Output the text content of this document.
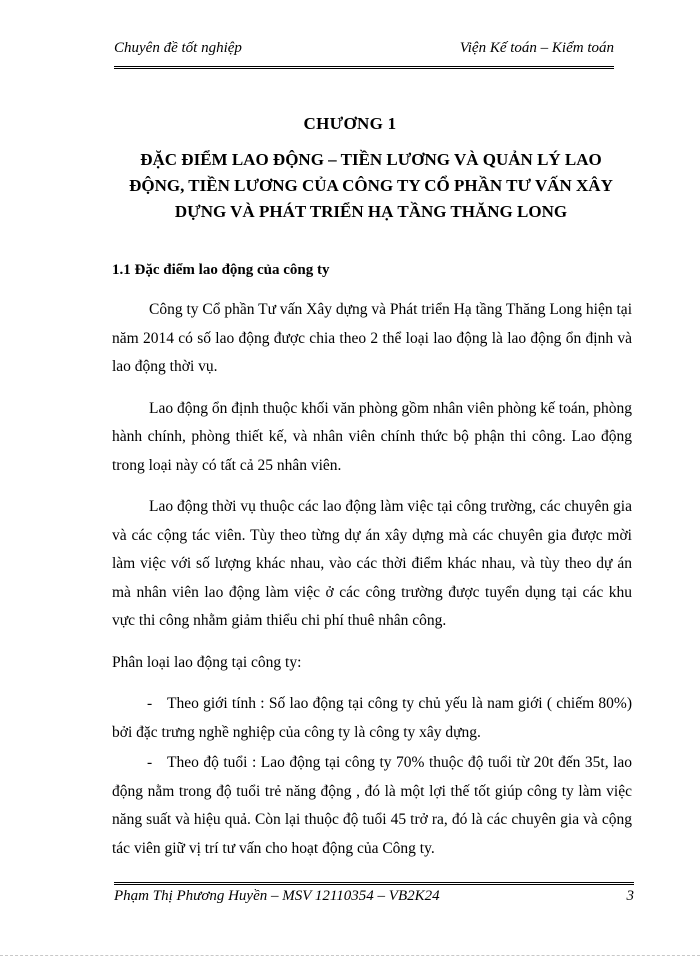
Chuyên đề tốt nghiệp	Viện Kế toán – Kiểm toán
CHƯƠNG 1
ĐẶC ĐIỂM LAO ĐỘNG – TIỀN LƯƠNG VÀ QUẢN LÝ LAO ĐỘNG, TIỀN LƯƠNG CỦA CÔNG TY CỔ PHẦN TƯ VẤN XÂY DỰNG VÀ PHÁT TRIỂN HẠ TẦNG THĂNG LONG
1.1 Đặc điểm lao động của công ty

Công ty Cổ phần Tư vấn Xây dựng và Phát triển Hạ tầng Thăng Long hiện tại năm 2014 có số lao động được chia theo 2 thể loại lao động là lao động ổn định và lao động thời vụ.

Lao động ổn định thuộc khối văn phòng gồm nhân viên phòng kế toán, phòng hành chính, phòng thiết kế, và nhân viên chính thức bộ phận thi công. Lao động trong loại này có tất cả 25 nhân viên.

Lao động thời vụ thuộc các lao động làm việc tại công trường, các chuyên gia và các cộng tác viên. Tùy theo từng dự án xây dựng mà các chuyên gia được mời làm việc với số lượng khác nhau, vào các thời điểm khác nhau, và tùy theo dự án mà nhân viên lao động làm việc ở các công trường được tuyển dụng tại các khu vực thi công nhằm giảm thiểu chi phí thuê nhân công.

Phân loại lao động tại công ty:

- Theo giới tính : Số lao động tại công ty chủ yếu là nam giới ( chiếm 80%) bởi đặc trưng nghề nghiệp của công ty là công ty xây dựng.
- Theo độ tuổi : Lao động tại công ty 70% thuộc độ tuổi từ 20t đến 35t, lao động nằm trong độ tuổi trẻ năng động , đó là một lợi thế tốt giúp công ty làm việc năng suất và hiệu quả. Còn lại thuộc độ tuổi 45 trở ra, đó là các chuyên gia và cộng tác viên giữ vị trí tư vấn cho hoạt động của Công ty.
Phạm Thị Phương Huyền – MSV 12110354 – VB2K24	3
